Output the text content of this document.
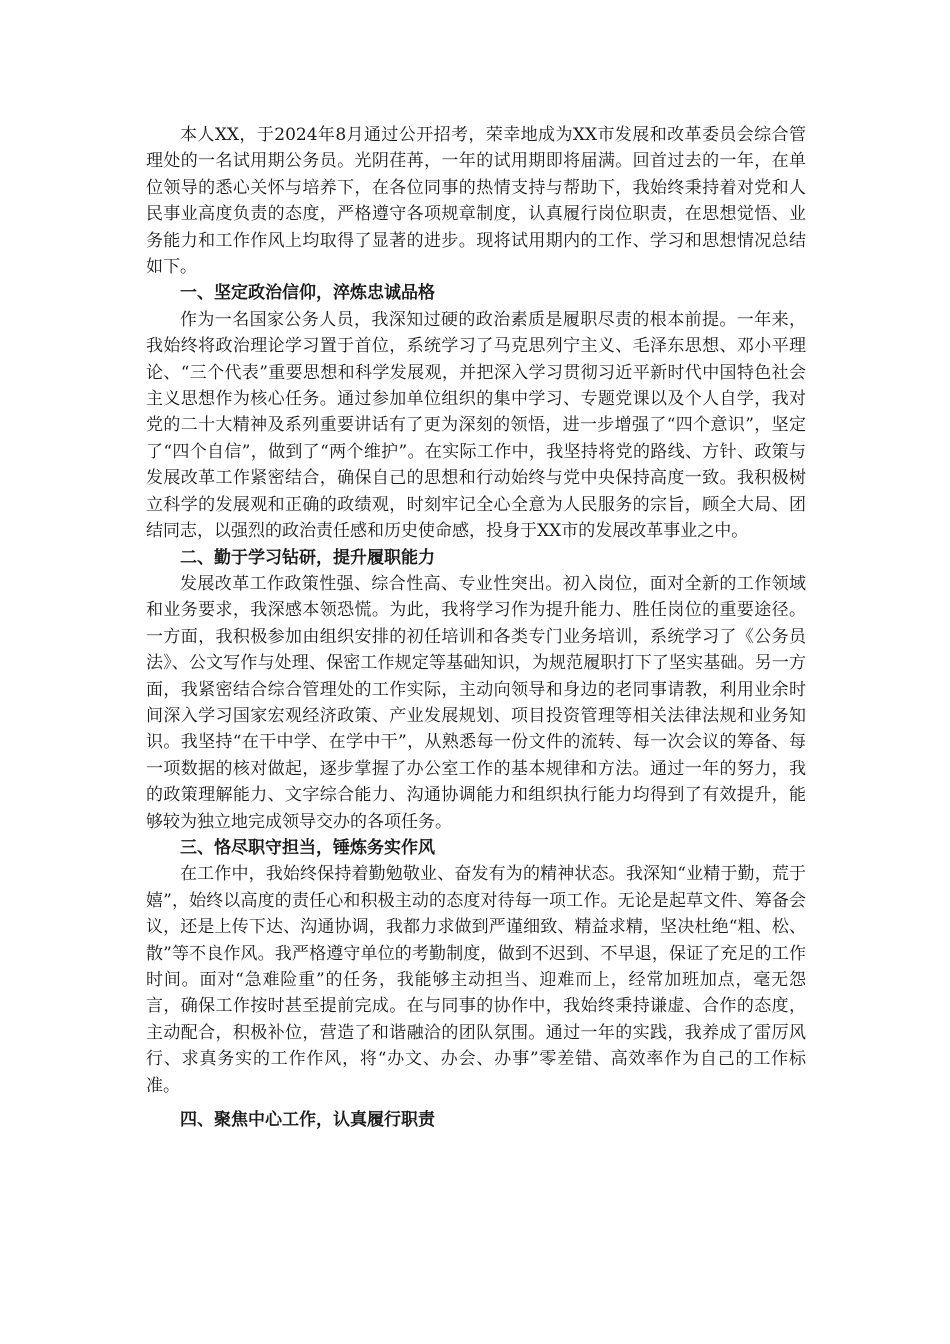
本人XX，于2024年8月通过公开招考，荣幸地成为XX市发展和改革委员会综合管理处的一名试用期公务员。光阴荏苒，一年的试用期即将届满。回首过去的一年，在单位领导的悉心关怀与培养下，在各位同事的热情支持与帮助下，我始终秉持着对党和人民事业高度负责的态度，严格遵守各项规章制度，认真履行岗位职责，在思想觉悟、业务能力和工作作风上均取得了显著的进步。现将试用期内的工作、学习和思想情况总结如下。

一、坚定政治信仰，淬炼忠诚品格

作为一名国家公务人员，我深知过硬的政治素质是履职尽责的根本前提。一年来，我始终将政治理论学习置于首位，系统学习了马克思列宁主义、毛泽东思想、邓小平理论、“三个代表”重要思想和科学发展观，并把深入学习贯彻习近平新时代中国特色社会主义思想作为核心任务。通过参加单位组织的集中学习、专题党课以及个人自学，我对党的二十大精神及系列重要讲话有了更为深刻的领悟，进一步增强了“四个意识”，坚定了“四个自信”，做到了“两个维护”。在实际工作中，我坚持将党的路线、方针、政策与发展改革工作紧密结合，确保自己的思想和行动始终与党中央保持高度一致。我积极树立科学的发展观和正确的政绩观，时刻牢记全心全意为人民服务的宗旨，顾全大局、团结同志，以强烈的政治责任感和历史使命感，投身于XX市的发展改革事业之中。

二、勤于学习钻研，提升履职能力

发展改革工作政策性强、综合性高、专业性突出。初入岗位，面对全新的工作领域和业务要求，我深感本领恐慌。为此，我将学习作为提升能力、胜任岗位的重要途径。一方面，我积极参加由组织安排的初任培训和各类专门业务培训，系统学习了《公务员法》、公文写作与处理、保密工作规定等基础知识，为规范履职打下了坚实基础。另一方面，我紧密结合综合管理处的工作实际，主动向领导和身边的老同事请教，利用业余时间深入学习国家宏观经济政策、产业发展规划、项目投资管理等相关法律法规和业务知识。我坚持“在干中学、在学中干”，从熟悉每一份文件的流转、每一次会议的筹备、每一项数据的核对做起，逐步掌握了办公室工作的基本规律和方法。通过一年的努力，我的政策理解能力、文字综合能力、沟通协调能力和组织执行能力均得到了有效提升，能够较为独立地完成领导交办的各项任务。

三、恪尽职守担当，锤炼务实作风

在工作中，我始终保持着勤勉敬业、奋发有为的精神状态。我深知“业精于勤，荒于嬉”，始终以高度的责任心和积极主动的态度对待每一项工作。无论是起草文件、筹备会议，还是上传下达、沟通协调，我都力求做到严谨细致、精益求精，坚决杜绝“粗、松、散”等不良作风。我严格遵守单位的考勤制度，做到不迟到、不早退，保证了充足的工作时间。面对“急难险重”的任务，我能够主动担当、迎难而上，经常加班加点，毫无怨言，确保工作按时甚至提前完成。在与同事的协作中，我始终秉持谦虚、合作的态度，主动配合，积极补位，营造了和谐融洽的团队氛围。通过一年的实践，我养成了雷厉风行、求真务实的工作作风，将“办文、办会、办事”零差错、高效率作为自己的工作标准。

四、聚焦中心工作，认真履行职责
